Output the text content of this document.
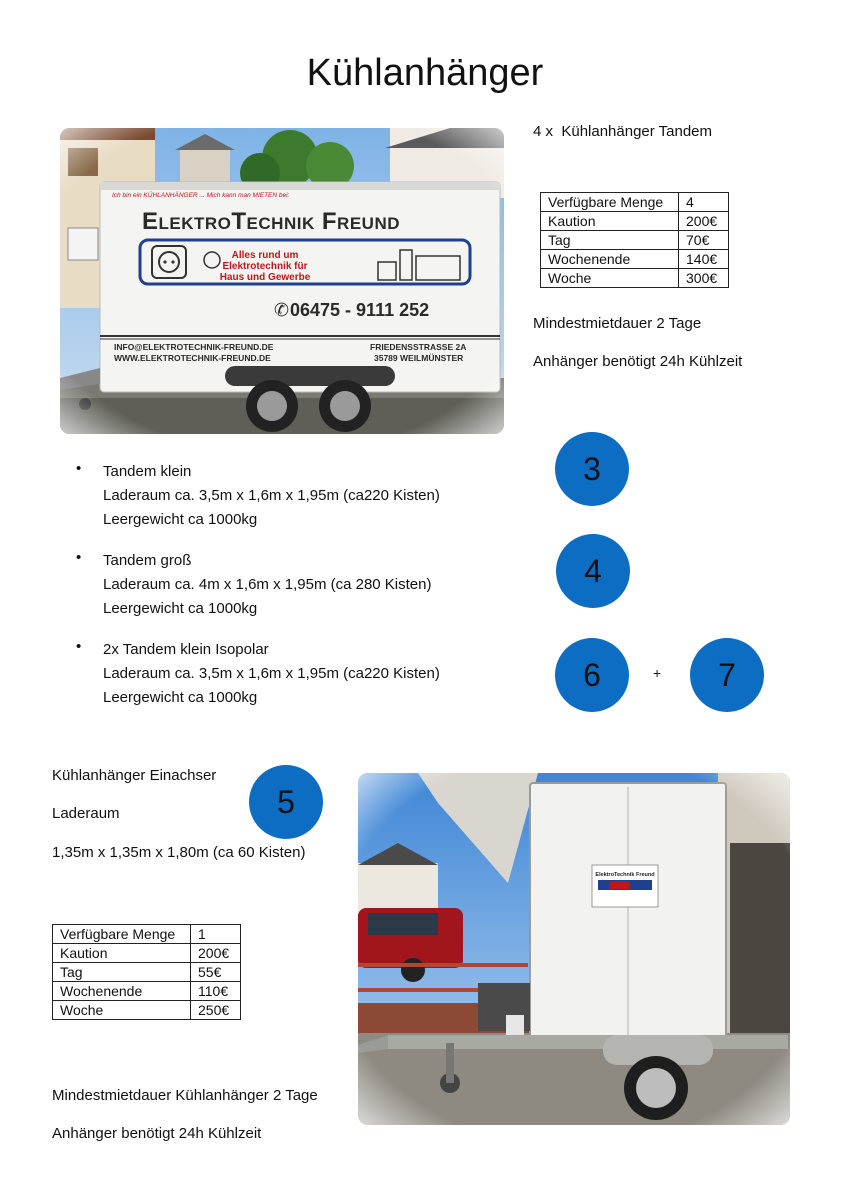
Kühlanhänger
4 x  Kühlanhänger Tandem
Verfügbare Menge	4
Kaution	200€
Tag	70€
Wochenende	140€
Woche	300€
Mindestmietdauer 2 Tage
Anhänger benötigt 24h Kühlzeit
• Tandem klein
Laderaum ca. 3,5m x 1,6m x 1,95m (ca220 Kisten)
Leergewicht ca 1000kg
• Tandem groß
Laderaum ca. 4m x 1,6m x 1,95m (ca 280 Kisten)
Leergewicht ca 1000kg
• 2x Tandem klein Isopolar
Laderaum ca. 3,5m x 1,6m x 1,95m (ca220 Kisten)
Leergewicht ca 1000kg
3
4
6	+	7
Kühlanhänger Einachser
Laderaum
1,35m x 1,35m x 1,80m (ca 60 Kisten)
5
Verfügbare Menge	1
Kaution	200€
Tag	55€
Wochenende	110€
Woche	250€
Mindestmietdauer Kühlanhänger 2 Tage
Anhänger benötigt 24h Kühlzeit
